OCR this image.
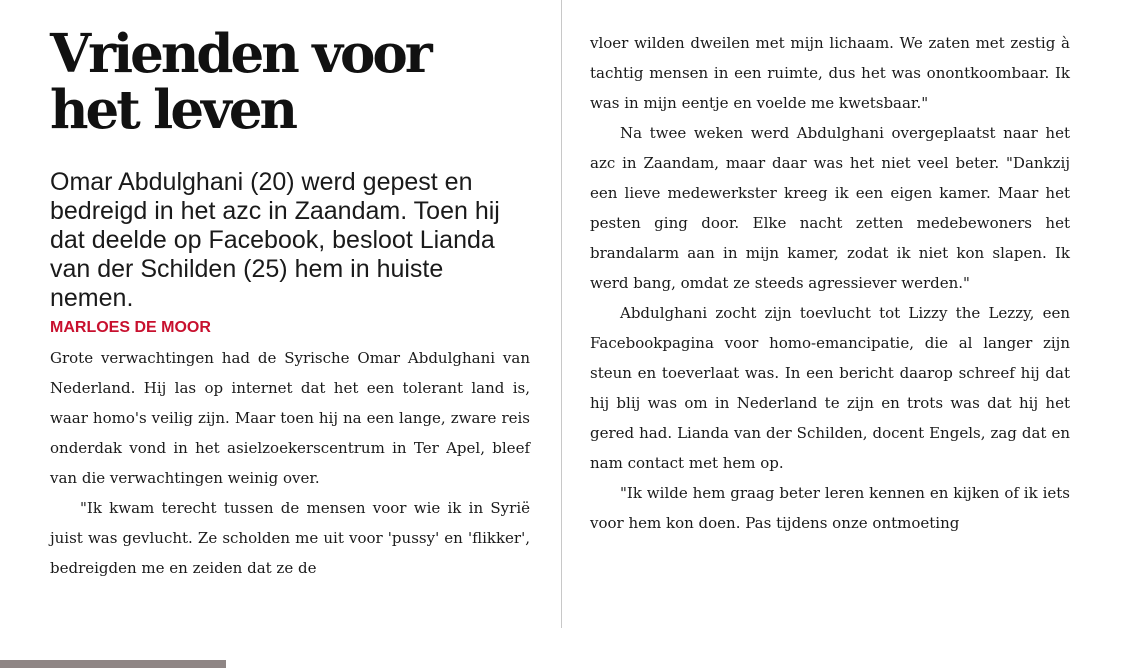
Vrienden voor het leven

Omar Abdulghani (20) werd gepest en bedreigd in het azc in Zaandam. Toen hij dat deelde op Facebook, besloot Lianda van der Schilden (25) hem in huiste nemen.

MARLOES DE MOOR

Grote verwachtingen had de Syrische Omar Abdulghani van Nederland. Hij las op internet dat het een tolerant land is, waar homo's veilig zijn. Maar toen hij na een lange, zware reis onderdak vond in het asielzoekerscentrum in Ter Apel, bleef van die verwachtingen weinig over.

"Ik kwam terecht tussen de mensen voor wie ik in Syrië juist was gevlucht. Ze scholden me uit voor 'pussy' en 'flikker', bedreigden me en zeiden dat ze de

vloer wilden dweilen met mijn lichaam. We zaten met zestig à tachtig mensen in een ruimte, dus het was onontkoombaar. Ik was in mijn eentje en voelde me kwetsbaar."

Na twee weken werd Abdulghani overgeplaatst naar het azc in Zaandam, maar daar was het niet veel beter. "Dankzij een lieve medewerkster kreeg ik een eigen kamer. Maar het pesten ging door. Elke nacht zetten medebewoners het brandalarm aan in mijn kamer, zodat ik niet kon slapen. Ik werd bang, omdat ze steeds agressiever werden."

Abdulghani zocht zijn toevlucht tot Lizzy the Lezzy, een Facebookpagina voor homo-emancipatie, die al langer zijn steun en toeverlaat was. In een bericht daarop schreef hij dat hij blij was om in Nederland te zijn en trots was dat hij het gered had. Lianda van der Schilden, docent Engels, zag dat en nam contact met hem op.

"Ik wilde hem graag beter leren kennen en kijken of ik iets voor hem kon doen. Pas tijdens onze ontmoeting
